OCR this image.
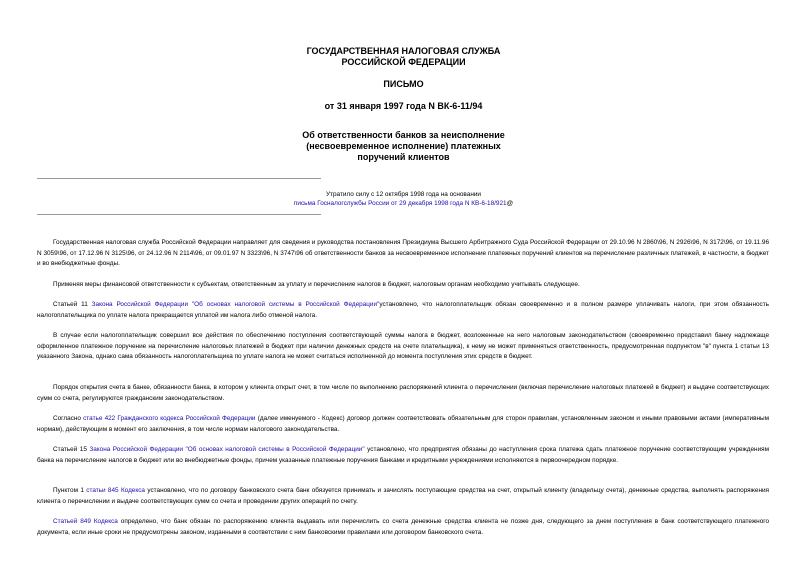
ГОСУДАРСТВЕННАЯ НАЛОГОВАЯ СЛУЖБА
РОССИЙСКОЙ ФЕДЕРАЦИИ
ПИСЬМО
от 31 января 1997 года N ВК-6-11/94
Об ответственности банков за неисполнение
(несвоевременное исполнение) платежных
поручений клиентов
Утратило силу с 12 октября 1998 года на основании
письма Госналогслужбы России от 29 декабря 1998 года N КВ-6-18/921@

Государственная налоговая служба Российской Федерации направляет для сведения и руководства постановления Президиума Высшего Арбитражного Суда Российской Федерации от 29.10.96 N 2860\96, N 2926\96, N 3172\96, от 19.11.96 N 3059\96, от 17.12.96 N 3125\96, от 24.12.96 N 2114\96, от 09.01.97 N 3323\96, N 3747\96 об ответственности банков за несвоевременное исполнение платежных поручений клиентов на перечисление различных платежей, в частности, в бюджет и во внебюджетные фонды.

Применяя меры финансовой ответственности к субъектам, ответственным за уплату и перечисление налогов в бюджет, налоговым органам необходимо учитывать следующее.

Статьей 11 Закона Российской Федерации "Об основах налоговой системы в Российской Федерации"установлено, что налогоплательщик обязан своевременно и в полном размере уплачивать налоги, при этом обязанность налогоплательщика по уплате налога прекращается уплатой им налога либо отменой налога.

В случае если налогоплательщик совершил все действия по обеспечению поступления соответствующей суммы налога в бюджет, возложенные на него налоговым законодательством (своевременно представил банку надлежаще оформленное платежное поручение на перечисление налоговых платежей в бюджет при наличии денежных средств на счете плательщика), к нему не может применяться ответственность, предусмотренная подпунктом "в" пункта 1 статьи 13 указанного Закона, однако сама обязанность налогоплательщика по уплате налога не может считаться исполненной до момента поступления этих средств в бюджет.

Порядок открытия счета в банке, обязанности банка, в котором у клиента открыт счет, в том числе по выполнению распоряжений клиента о перечислении (включая перечисление налоговых платежей в бюджет) и выдаче соответствующих сумм со счета, регулируются гражданским законодательством.

Согласно статье 422 Гражданского кодекса Российской Федерации (далее именуемого - Кодекс) договор должен соответствовать обязательным для сторон правилам, установленным законом и иными правовыми актами (императивным нормам), действующим в момент его заключения, в том числе нормам налогового законодательства.

Статьей 15 Закона Российской Федерации "Об основах налоговой системы в Российской Федерации" установлено, что предприятия обязаны до наступления срока платежа сдать платежное поручение соответствующим учреждениям банка на перечисление налогов в бюджет или во внебюджетные фонды, причем указанные платежные поручения банками и кредитными учреждениями исполняются в первоочередном порядке.

Пунктом 1 статьи 845 Кодекса установлено, что по договору банковского счета банк обязуется принимать и зачислять поступающие средства на счет, открытый клиенту (владельцу счета), денежные средства, выполнять распоряжения клиента о перечислении и выдаче соответствующих сумм со счета и проведении других операций по счету.

Статьей 849 Кодекса определено, что банк обязан по распоряжению клиента выдавать или перечислить со счета денежные средства клиента не позже дня, следующего за днем поступления в банк соответствующего платежного документа, если иные сроки не предусмотрены законом, изданными в соответствии с ним банковскими правилами или договором банковского счета.
